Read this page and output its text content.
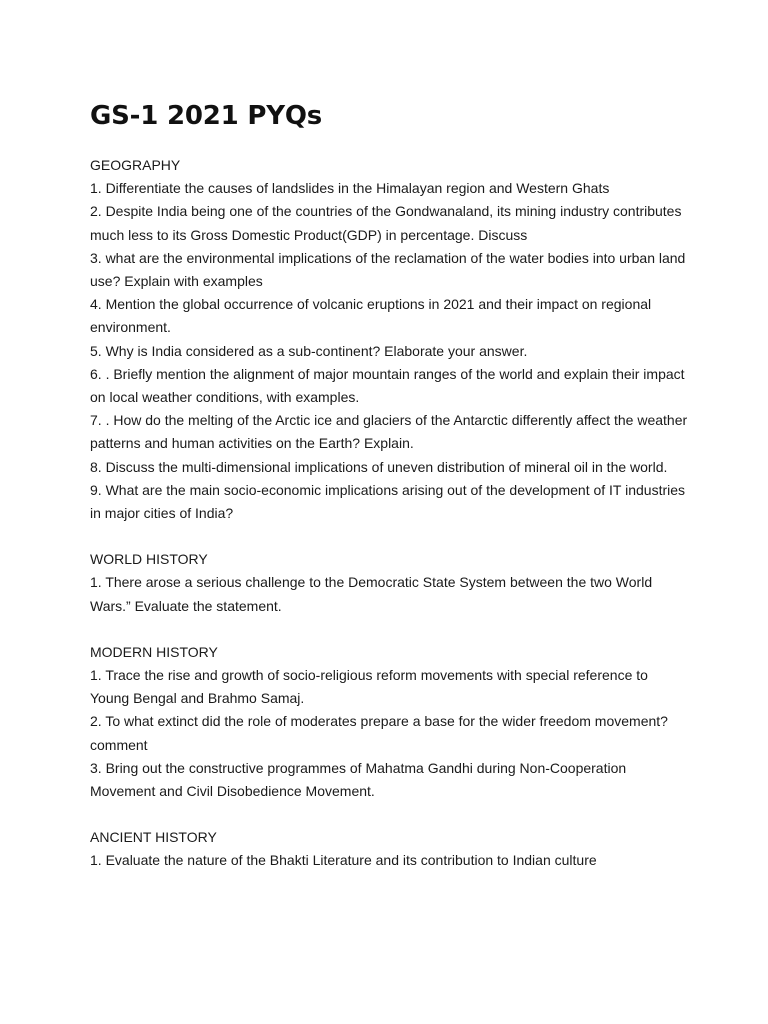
GS-1 2021 PYQs

GEOGRAPHY

1. Differentiate the causes of landslides in the Himalayan region and Western Ghats

2. Despite India being one of the countries of the Gondwanaland, its mining industry contributes much less to its Gross Domestic Product(GDP) in percentage. Discuss

3. what are the environmental implications of the reclamation of the water bodies into urban land use? Explain with examples

4. Mention the global occurrence of volcanic eruptions in 2021 and their impact on regional environment.

5. Why is India considered as a sub-continent? Elaborate your answer.

6. . Briefly mention the alignment of major mountain ranges of the world and explain their impact on local weather conditions, with examples.

7. . How do the melting of the Arctic ice and glaciers of the Antarctic differently affect the weather patterns and human activities on the Earth? Explain.

8. Discuss the multi-dimensional implications of uneven distribution of mineral oil in the world.

9. What are the main socio-economic implications arising out of the development of IT industries in major cities of India?

WORLD HISTORY

1. There arose a serious challenge to the Democratic State System between the two World Wars.” Evaluate the statement.

MODERN HISTORY

1. Trace the rise and growth of socio-religious reform movements with special reference to Young Bengal and Brahmo Samaj.

2. To what extinct did the role of moderates prepare a base for the wider freedom movement? comment

3. Bring out the constructive programmes of Mahatma Gandhi during Non-Cooperation Movement and Civil Disobedience Movement.

ANCIENT HISTORY

1. Evaluate the nature of the Bhakti Literature and its contribution to Indian culture
